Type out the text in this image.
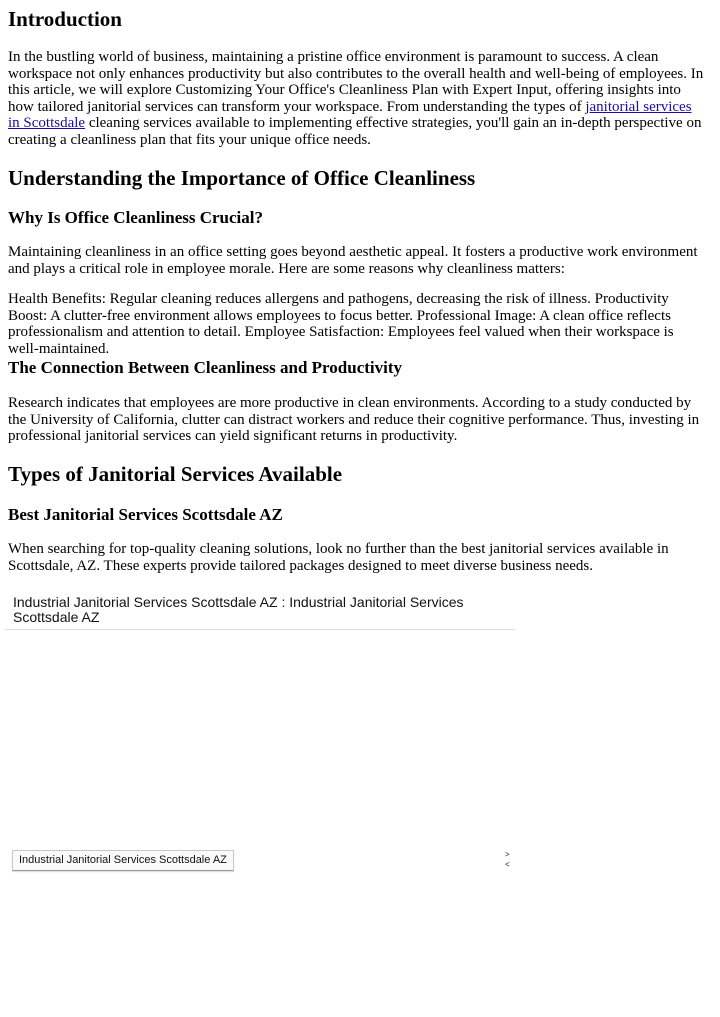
Introduction

In the bustling world of business, maintaining a pristine office environment is paramount to success. A clean workspace not only enhances productivity but also contributes to the overall health and well-being of employees. In this article, we will explore Customizing Your Office's Cleanliness Plan with Expert Input, offering insights into how tailored janitorial services can transform your workspace. From understanding the types of janitorial services in Scottsdale cleaning services available to implementing effective strategies, you'll gain an in-depth perspective on creating a cleanliness plan that fits your unique office needs.

Understanding the Importance of Office Cleanliness
Why Is Office Cleanliness Crucial?

Maintaining cleanliness in an office setting goes beyond aesthetic appeal. It fosters a productive work environment and plays a critical role in employee morale. Here are some reasons why cleanliness matters:

Health Benefits: Regular cleaning reduces allergens and pathogens, decreasing the risk of illness. Productivity Boost: A clutter-free environment allows employees to focus better. Professional Image: A clean office reflects professionalism and attention to detail. Employee Satisfaction: Employees feel valued when their workspace is well-maintained.

The Connection Between Cleanliness and Productivity

Research indicates that employees are more productive in clean environments. According to a study conducted by the University of California, clutter can distract workers and reduce their cognitive performance. Thus, investing in professional janitorial services can yield significant returns in productivity.

Types of Janitorial Services Available
Best Janitorial Services Scottsdale AZ

When searching for top-quality cleaning solutions, look no further than the best janitorial services available in Scottsdale, AZ. These experts provide tailored packages designed to meet diverse business needs.

Industrial Janitorial Services Scottsdale AZ : Industrial Janitorial Services Scottsdale AZ
Industrial Janitorial Services Scottsdale AZ	>
<
